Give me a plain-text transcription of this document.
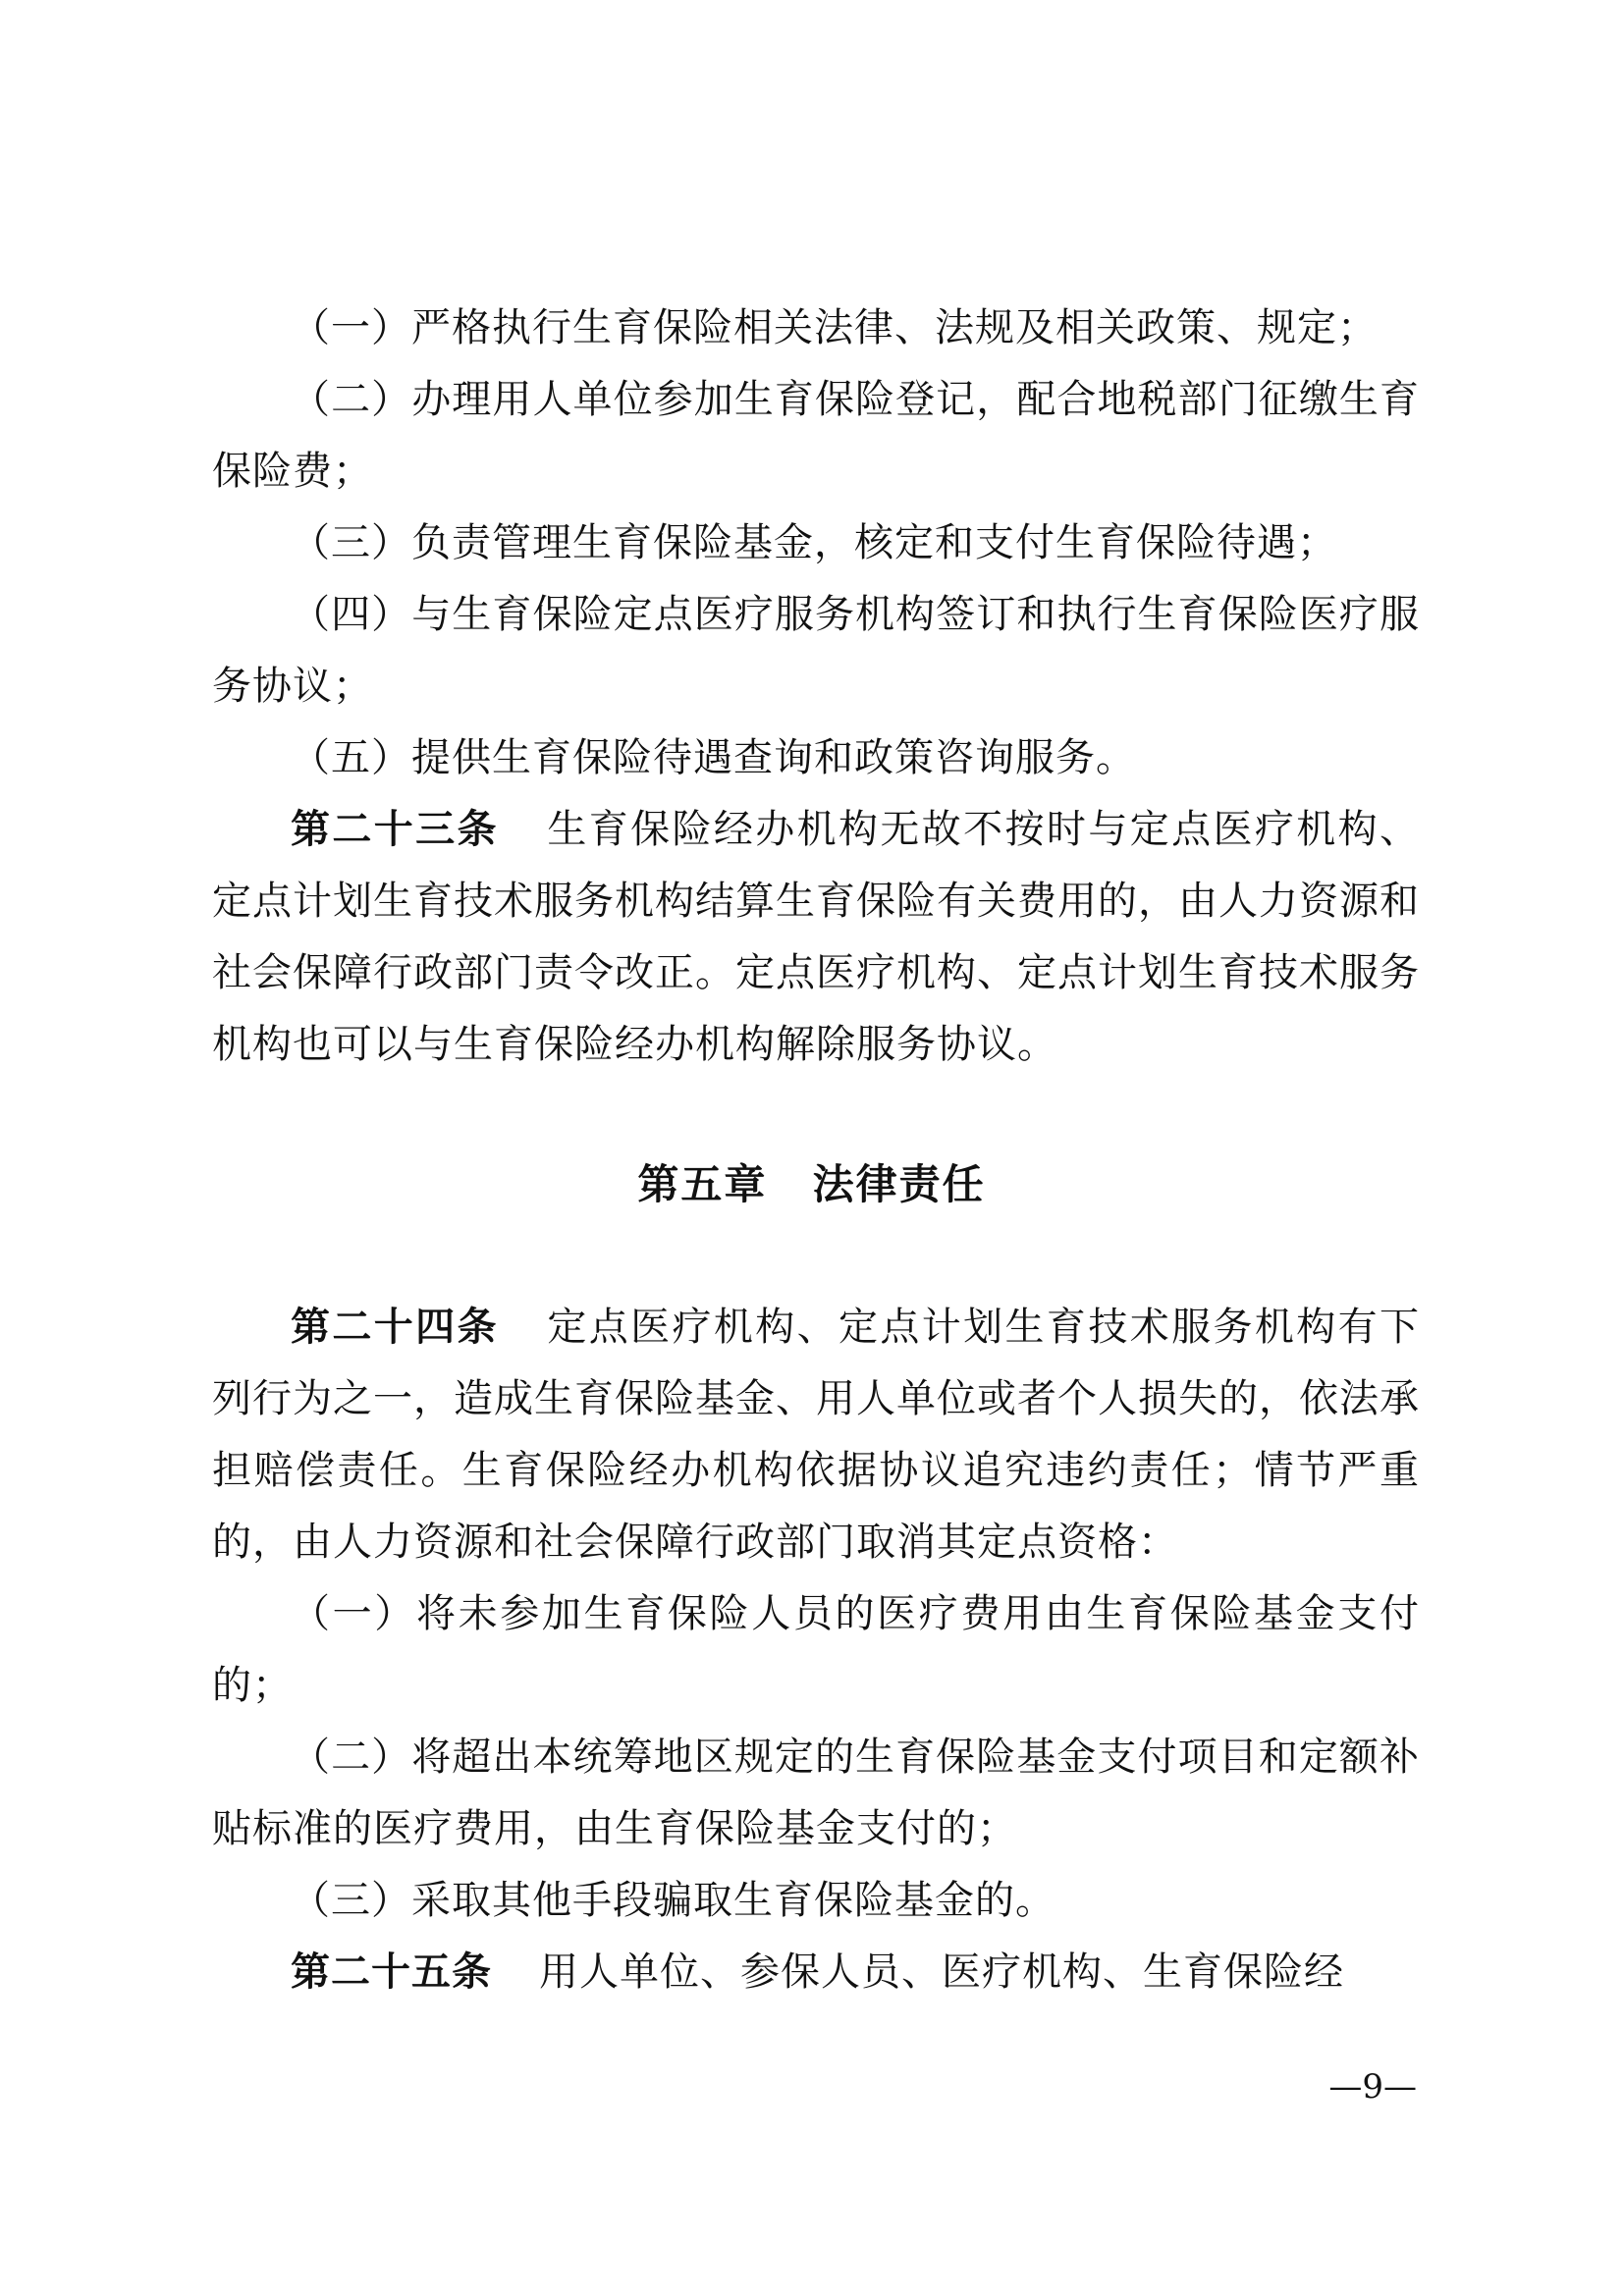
（一）严格执行生育保险相关法律、法规及相关政策、规定；

（二）办理用人单位参加生育保险登记，配合地税部门征缴生育保险费；

（三）负责管理生育保险基金，核定和支付生育保险待遇；

（四）与生育保险定点医疗服务机构签订和执行生育保险医疗服务协议；

（五）提供生育保险待遇查询和政策咨询服务。

第二十三条 生育保险经办机构无故不按时与定点医疗机构、定点计划生育技术服务机构结算生育保险有关费用的，由人力资源和社会保障行政部门责令改正。定点医疗机构、定点计划生育技术服务机构也可以与生育保险经办机构解除服务协议。

第五章 法律责任

第二十四条 定点医疗机构、定点计划生育技术服务机构有下列行为之一，造成生育保险基金、用人单位或者个人损失的，依法承担赔偿责任。生育保险经办机构依据协议追究违约责任；情节严重的，由人力资源和社会保障行政部门取消其定点资格：

（一）将未参加生育保险人员的医疗费用由生育保险基金支付的；

（二）将超出本统筹地区规定的生育保险基金支付项目和定额补贴标准的医疗费用，由生育保险基金支付的；

（三）采取其他手段骗取生育保险基金的。

第二十五条 用人单位、参保人员、医疗机构、生育保险经

—9—
